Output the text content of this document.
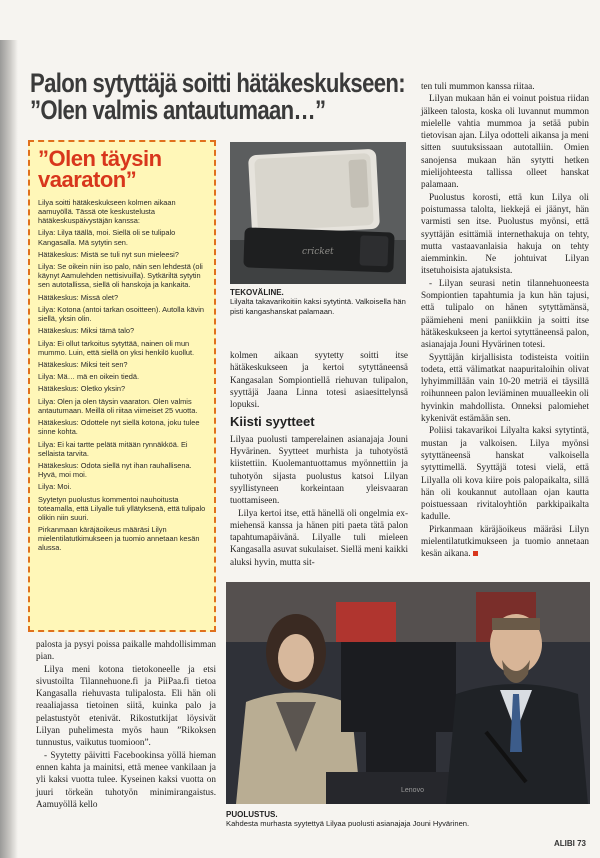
Palon sytyttäjä soitti hätäkeskukseen:
”Olen valmis antautumaan…”
”Olen täysin
vaaraton”

Lilya soitti hätäkeskukseen kolmen aikaan aamuyöllä. Tässä ote keskustelusta hätäkeskuspäivystäjän kanssa:

Lilya: Lilya täällä, moi. Siellä oli se tulipalo Kangasalla. Mä sytytin sen.

Hätäkeskus: Mistä se tuli nyt sun mieleesi?

Lilya: Se oikein niin iso palo, näin sen lehdestä (oli käynyt Aamulehden nettisivuilla). Sytkäriltä sytytin sen autotallissa, siellä oli hanskoja ja kankaita.

Hätäkeskus: Missä olet?

Lilya: Kotona (antoi tarkan osoitteen). Autolla kävin siellä, yksin olin.

Hätäkeskus: Miksi tämä talo?

Lilya: Ei ollut tarkoitus sytyttää, nainen oli mun mummo. Luin, että siellä on yksi henkilö kuollut.

Hätäkeskus: Miksi teit sen?

Lilya: Mä… mä en oikein tiedä.

Hätäkeskus: Oletko yksin?

Lilya: Olen ja olen täysin vaaraton. Olen valmis antautumaan. Meillä oli riitaa viimeiset 25 vuotta.

Hätäkeskus: Odottele nyt siellä kotona, joku tulee sinne kohta.

Lilya: Ei kai tartte pelätä mitään rynnäkköä. Ei sellaista tarvita.

Hätäkeskus: Odota siellä nyt ihan rauhallisena. Hyvä, moi moi.

Lilya: Moi.

Syytetyn puolustus kommentoi nauhoitusta toteamalla, että Lilyalle tuli yllätyksenä, että tulipalo olikin niin suuri.

Pirkanmaan käräjäoikeus määräsi Lilyn mielentilatutkimukseen ja tuomio annetaan kesän alussa.

cricket
TEKOVÄLINE.
Lilyalta takavarikoitiin kaksi sytytintä. Valkoisella hän pisti kangashanskat palamaan.

kolmen aikaan syytetty soitti itse hätäkeskukseen ja kertoi sytyttäneensä Kangasalan Sompiontiellä riehuvan tulipalon, syyttäjä Jaana Linna totesi asiaesittelynsä lopuksi.

Kiisti syytteet

Lilyaa puolusti tamperelainen asianajaja Jouni Hyvärinen. Syytteet murhista ja tuhotyöstä kiistettiin. Kuolemantuottamus myönnettiin ja tuhotyön sijasta puolustus katsoi Lilyan syyllistyneen korkeintaan yleisvaaran tuottamiseen.

Lilya kertoi itse, että hänellä oli ongelmia ex-miehensä kanssa ja hänen piti paeta tätä palon tapahtumapäivänä. Lilyalle tuli mieleen Kangasalla asuvat sukulaiset. Siellä meni kaikki aluksi hyvin, mutta sit-

ten tuli mummon kanssa riitaa.

Lilyan mukaan hän ei voinut poistua riidan jälkeen talosta, koska oli luvannut mummon mielelle vahtia mummoa ja setää pubin tietovisan ajan. Lilya odotteli aikansa ja meni sitten suutuksissaan autotalliin. Omien sanojensa mukaan hän sytytti hetken mielijohteesta tallissa olleet hanskat palamaan.

Puolustus korosti, että kun Lilya oli poistumassa talolta, liekkejä ei jäänyt, hän varmisti sen itse. Puolustus myönsi, että syyttäjän esittämiä internethakuja on tehty, mutta vastaavanlaisia hakuja on tehty aiemminkin. Ne johtuivat Lilyan itsetuhoisista ajatuksista.

- Lilyan seurasi netin tilannehuoneesta Sompiontien tapahtumia ja kun hän tajusi, että tulipalo on hänen sytyttämänsä, päämieheni meni paniikkiin ja soitti itse hätäkeskukseen ja kertoi sytyttäneensä palon, asianajaja Jouni Hyvärinen totesi.

Syyttäjän kirjallisista todisteista voitiin todeta, että välimatkat naapuritaloihin olivat lyhyimmillään vain 10-20 metriä ei täysillä roihunneen palon leviäminen muualleekin oli hyvinkin mahdollista. Onneksi palomiehet kykenivät estämään sen.

Poliisi takavarikoi Lilyalta kaksi sytytintä, mustan ja valkoisen. Lilya myönsi sytyttäneensä hanskat valkoisella sytyttimellä. Syyttäjä totesi vielä, että Lilyalla oli kova kiire pois palopaikalta, sillä hän oli koukannut autollaan ojan kautta poistuessaan rivitaloyhtiön parkkipaikalta kadulle.

Pirkanmaan käräjäoikeus määräsi Lilyn mielentilatutkimukseen ja tuomio annetaan kesän aikana.

palosta ja pysyi poissa paikalle mahdollisimman pian.

Lilya meni kotona tietokoneelle ja etsi sivustoilta Tilannehuone.fi ja PiiPaa.fi tietoa Kangasalla riehuvasta tulipalosta. Eli hän oli reaaliajassa tietoinen siitä, kuinka palo ja pelastustyöt etenivät. Rikostutkijat löysivät Lilyan puhelimesta myös haun ”Rikoksen tunnustus, vaikutus tuomioon”.

- Syytetty päivitti Facebookinsa yöllä hieman ennen kahta ja mainitsi, että menee vankilaan ja yli kaksi vuotta tulee. Kyseinen kaksi vuotta on juuri törkeän tuhotyön minimirangaistus. Aamuyöllä kello

Lenovo
PUOLUSTUS.
Kahdesta murhasta syytettyä Lilyaa puolusti asianajaja Jouni Hyvärinen.
ALIBI 73
